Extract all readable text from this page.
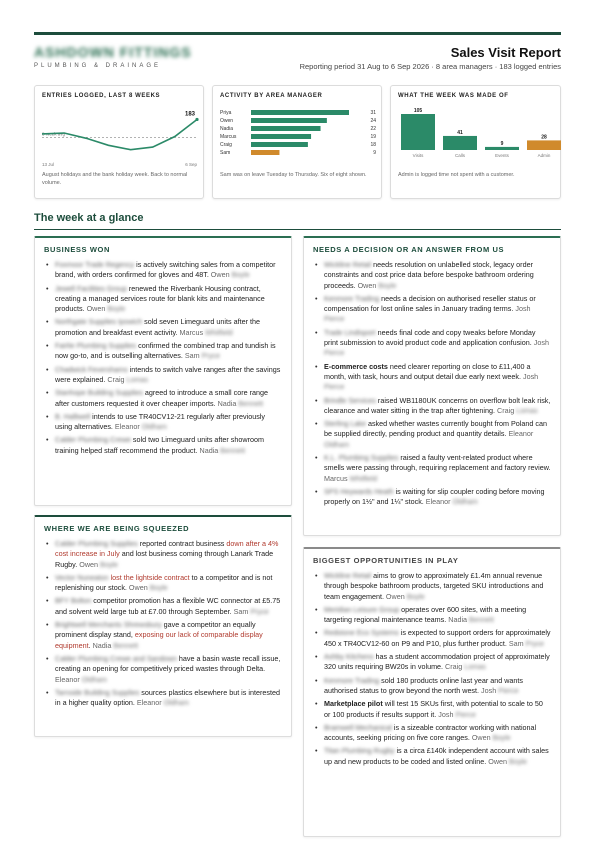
ASHDOWN FITTINGS
PLUMBING & DRAINAGE
Sales Visit Report
Reporting period 31 Aug to 6 Sep 2026 · 8 area managers · 183 logged entries
ENTRIES LOGGED, LAST 8 WEEKS
8-week avg
183
13 Jul	6 Sep
August holidays and the bank holiday week. Back to normal volume.
ACTIVITY BY AREA MANAGER
Priya	31
Owen	24
Nadia	22
Marcus	19
Craig	18
Sam	9
Sam was on leave Tuesday to Thursday. Six of eight shown.
WHAT THE WEEK WAS MADE OF
105
Visits
41
Calls
9
Events
28
Admin
Admin is logged time not spent with a customer.
The week at a glance
BUSINESS WON
• Foxmoor Trade Regency is actively switching sales from a competitor brand, with orders confirmed for gloves and 48T. Owen Boyle
• Jewell Facilities Group renewed the Riverbank Housing contract, creating a managed services route for blank kits and maintenance products. Owen Boyle
• Northgate Supplies Ipswich sold seven Limeguard units after the promotion and breakfast event activity. Marcus Whitfield
• Fairlie Plumbing Supplies confirmed the combined trap and tundish is now go-to, and is outselling alternatives. Sam Pryce
• Chadwick Fevershams intends to switch valve ranges after the savings were explained. Craig Lomas
• Stanhope Building Supplies agreed to introduce a small core range after customers requested it over cheaper imports. Nadia Bennett
• B. Halliwell intends to use TR40CV12-21 regularly after previously using alternatives. Eleanor Oldham
• Calder Plumbing Crewe sold two Limeguard units after showroom training helped staff recommend the product. Nadia Bennett
WHERE WE ARE BEING SQUEEZED
• Calder Plumbing Supplies reported contract business down after a 4% cost increase in July and lost business coming through Lanark Trade Rugby. Owen Boyle
• Vector Nuneaton lost the lightside contract to a competitor and is not replenishing our stock. Owen Boyle
• BFY Bolton competitor promotion has a flexible WC connector at £5.75 and solvent weld large tub at £7.00 through September. Sam Pryce
• Brightwell Merchants Shrewsbury gave a competitor an equally prominent display stand, exposing our lack of comparable display equipment. Nadia Bennett
• Calder Plumbing Crewe and Sandown have a basin waste recall issue, creating an opening for competitively priced wastes through Delta. Eleanor Oldham
• Tarnside Building Supplies sources plastics elsewhere but is interested in a higher quality option. Eleanor Oldham
NEEDS A DECISION OR AN ANSWER FROM US
• Wickline Retail needs resolution on unlabelled stock, legacy order constraints and cost price data before bespoke bathroom ordering proceeds. Owen Boyle
• Kenmore Trading needs a decision on authorised reseller status or compensation for lost online sales in January trading terms. Josh Pierce
• Trade Lindisport needs final code and copy tweaks before Monday print submission to avoid product code and application confusion. Josh Pierce
• E-commerce costs need clearer reporting on close to £11,400 a month, with task, hours and output detail due early next week. Josh Pierce
• Brindle Services raised WB1180UK concerns on overflow bolt leak risk, clearance and water sitting in the trap after tightening. Craig Lomas
• Sterling Lake asked whether wastes currently bought from Poland can be supplied directly, pending product and quantity details. Eleanor Oldham
• K.L. Plumbing Supplies raised a faulty vent-related product where smells were passing through, requiring replacement and factory review. Marcus Whitfield
• SPS Heywards Heath is waiting for slip coupler coding before moving properly on 1½" and 1¼" stock. Eleanor Oldham
BIGGEST OPPORTUNITIES IN PLAY
• Wickline Retail aims to grow to approximately £1.4m annual revenue through bespoke bathroom products, targeted SKU introductions and team engagement. Owen Boyle
• Meridian Leisure Group operates over 600 sites, with a meeting targeting regional maintenance teams. Nadia Bennett
• Redstone Eco Systems is expected to support orders for approximately 450 x TR40CV12-60 on P9 and P10, plus further product. Sam Pryce
• Ashby Kitchens has a student accommodation project of approximately 320 units requiring BW20s in volume. Craig Lomas
• Kenmore Trading sold 180 products online last year and wants authorised status to grow beyond the north west. Josh Pierce
• Marketplace pilot will test 15 SKUs first, with potential to scale to 50 or 100 products if results support it. Josh Pierce
• Bramwell Mechanical is a sizeable contractor working with national accounts, seeking pricing on five core ranges. Owen Boyle
• Titan Plumbing Rugby is a circa £140k independent account with sales up and new products to be coded and listed online. Owen Boyle
